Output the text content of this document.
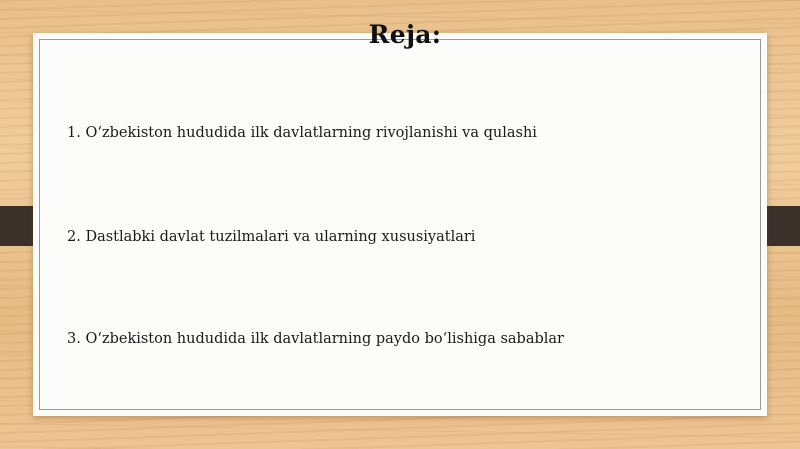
Reja:
1. O‘zbekiston hududida ilk davlatlarning rivojlanishi va qulashi
2. Dastlabki davlat tuzilmalari va ularning xususiyatlari
3. O‘zbekiston hududida ilk davlatlarning paydo bo‘lishiga sabablar
